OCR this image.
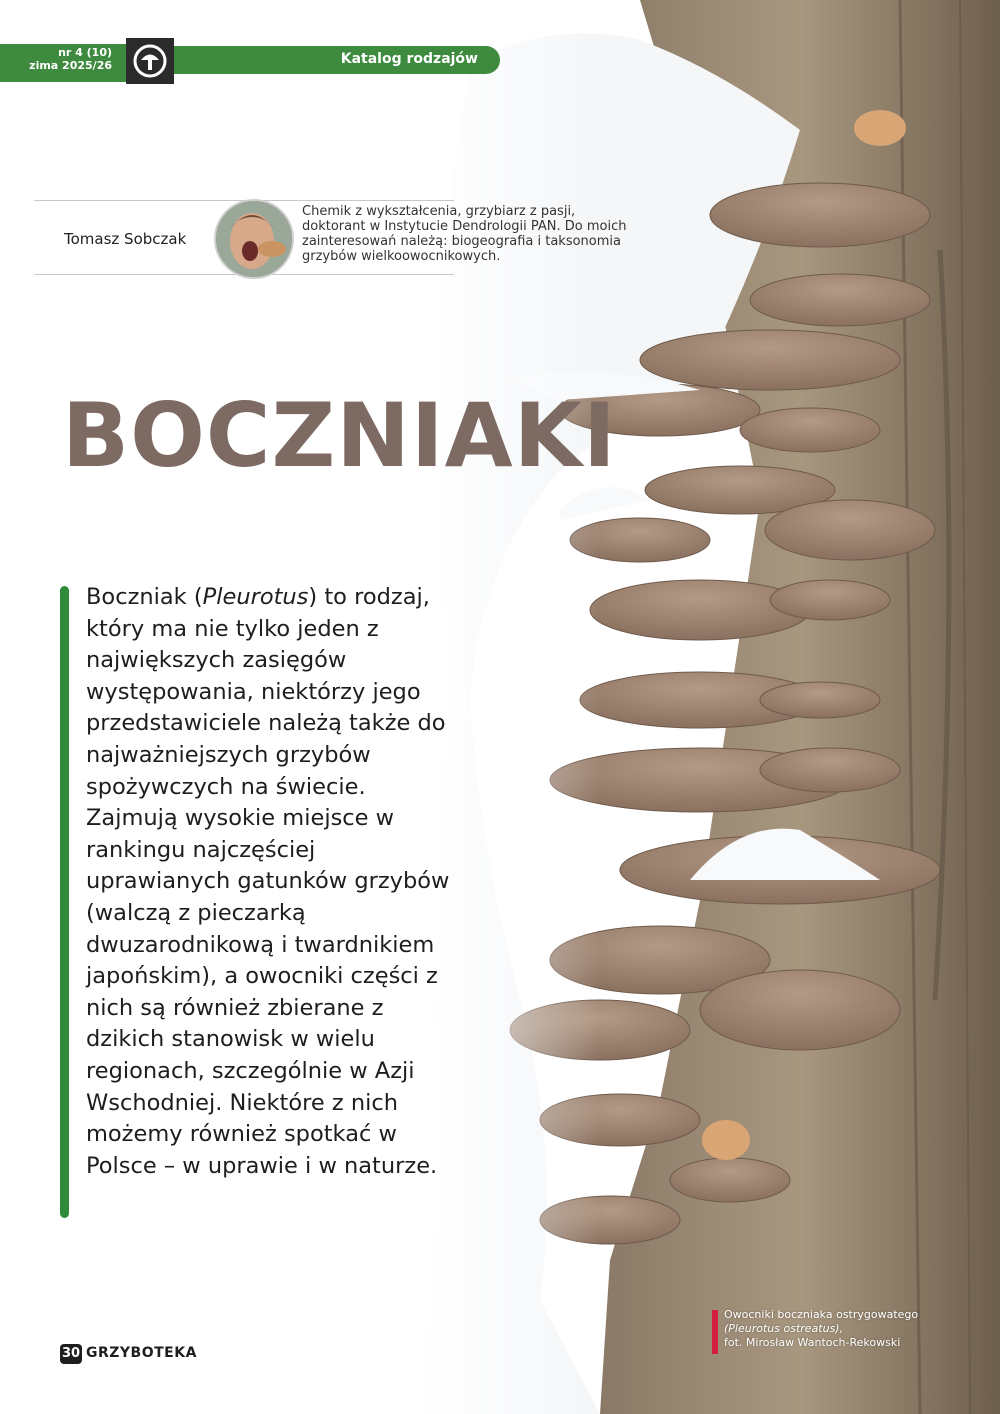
nr 4 (10)
zima 2025/26	Katalog rodzajów
Tomasz Sobczak
Chemik z wykształcenia, grzybiarz z pasji, doktorant w Instytucie Dendrologii PAN. Do moich zainteresowań należą: biogeografia i taksonomia grzybów wielkoowocnikowych.
BOCZNIAKI

Boczniak (Pleurotus) to rodzaj, który ma nie tylko jeden z największych zasięgów występowania, niektórzy jego przedstawiciele należą także do najważniejszych grzybów spożywczych na świecie. Zajmują wysokie miejsce w rankingu najczęściej uprawianych gatunków grzybów (walczą z pieczarką dwuzarodnikową i twardnikiem japońskim), a owocniki części z nich są również zbierane z dzikich stanowisk w wielu regionach, szczególnie w Azji Wschodniej. Niektóre z nich możemy również spotkać w Polsce – w uprawie i w naturze.

Owocniki boczniaka ostrygowatego
(Pleurotus ostreatus),
fot. Mirosław Wantoch-Rekowski
30 GRZYBOTEKA
